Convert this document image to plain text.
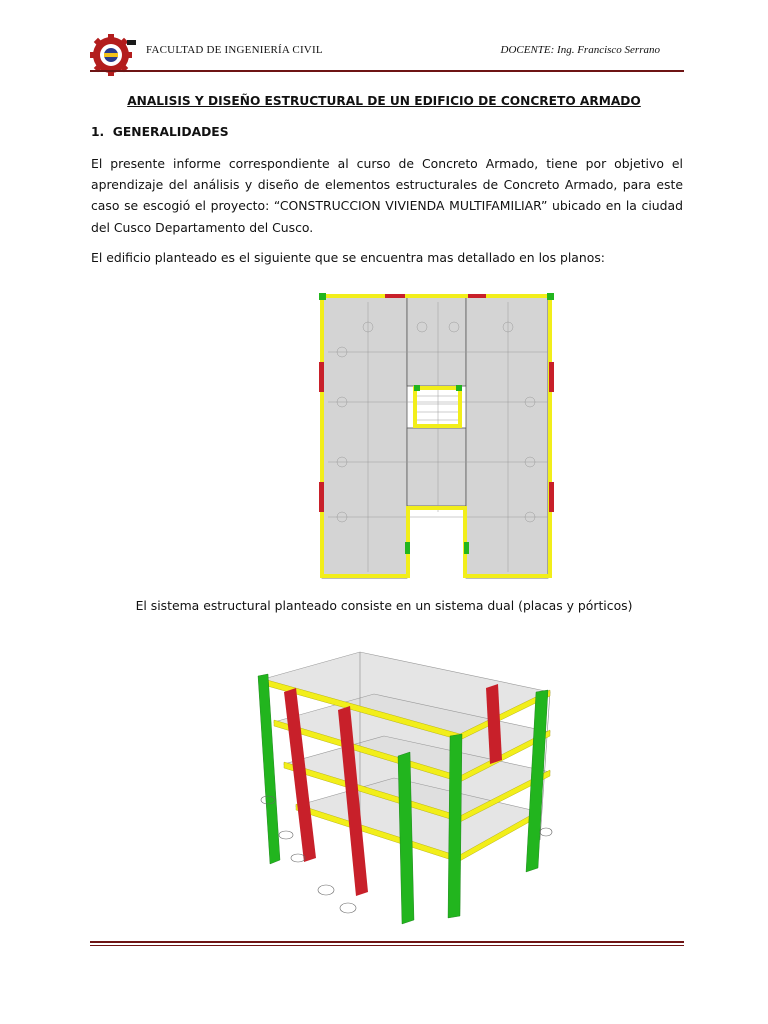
FACULTAD DE INGENIERÍA CIVIL	DOCENTE: Ing. Francisco Serrano
ANALISIS Y DISEÑO ESTRUCTURAL DE UN EDIFICIO DE CONCRETO ARMADO
1. GENERALIDADES
El presente informe correspondiente al curso de Concreto Armado, tiene por objetivo el aprendizaje del análisis y diseño de elementos estructurales de Concreto Armado, para este caso se escogió el proyecto: “CONSTRUCCION VIVIENDA MULTIFAMILIAR” ubicado en la ciudad del Cusco Departamento del Cusco.
El edificio planteado es el siguiente que se encuentra mas detallado en los planos:
El sistema estructural planteado consiste en un sistema dual (placas y pórticos)
